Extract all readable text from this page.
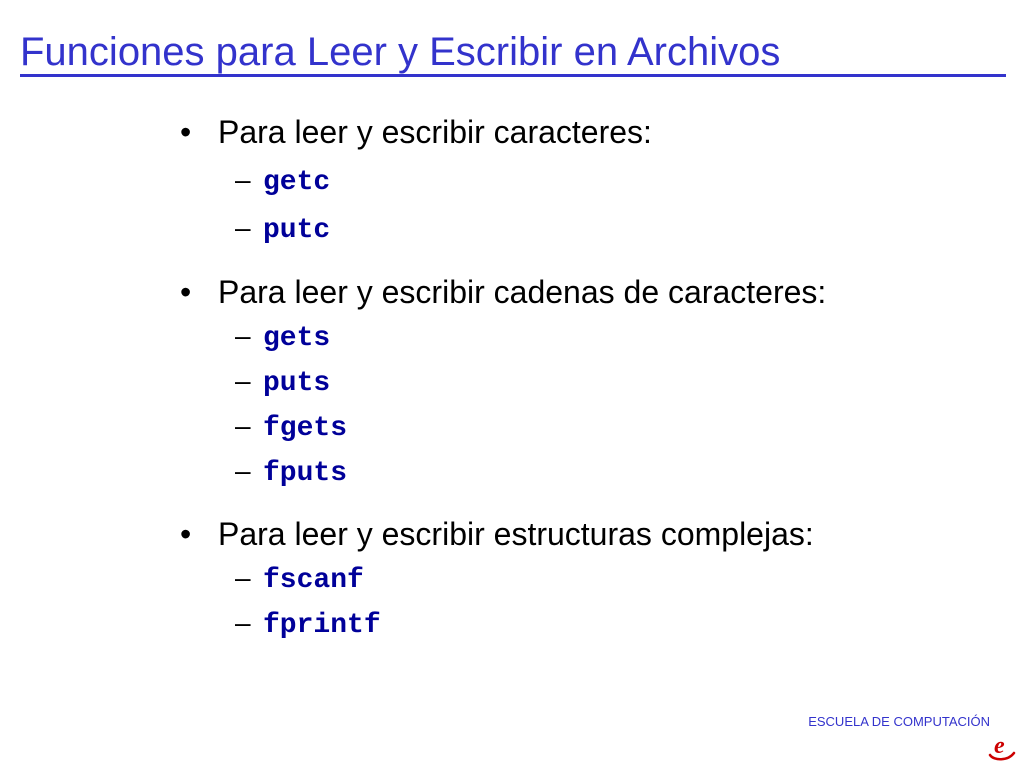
Funciones para Leer y Escribir en Archivos
• Para leer y escribir caracteres:
– getc
– putc
• Para leer y escribir cadenas de caracteres:
– gets
– puts
– fgets
– fputs
• Para leer y escribir estructuras complejas:
– fscanf
– fprintf
ESCUELA DE COMPUTACIÓN
e
